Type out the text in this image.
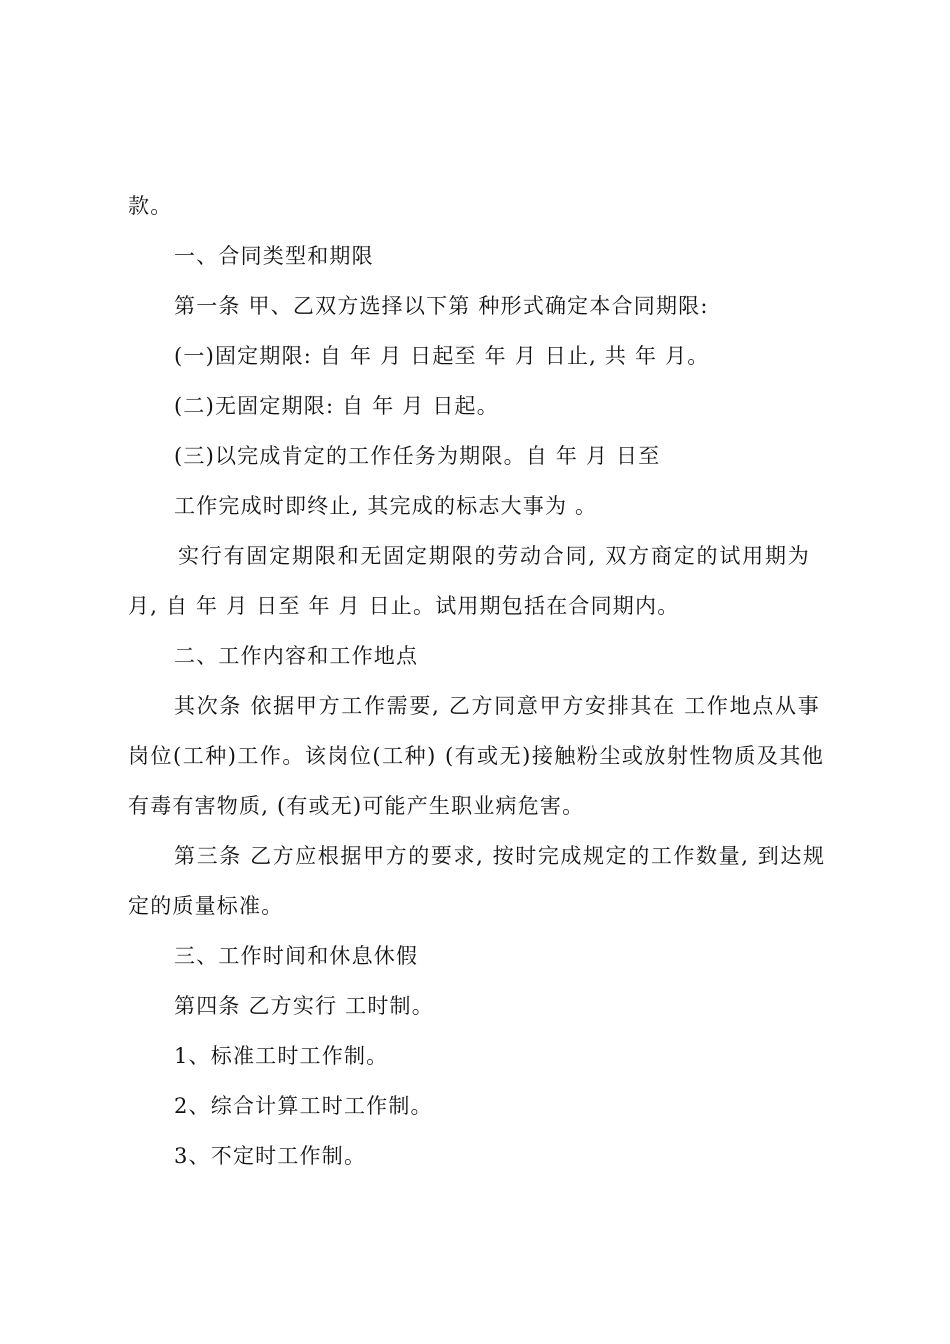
款。
一、合同类型和期限
第一条 甲、乙双方选择以下第 种形式确定本合同期限:
(一)固定期限: 自 年 月 日起至 年 月 日止, 共 年 月。
(二)无固定期限: 自 年 月 日起。
(三)以完成肯定的工作任务为期限。自 年 月 日至
工作完成时即终止, 其完成的标志大事为 。
实行有固定期限和无固定期限的劳动合同, 双方商定的试用期为
月, 自 年 月 日至 年 月 日止。试用期包括在合同期内。
二、工作内容和工作地点
其次条 依据甲方工作需要, 乙方同意甲方安排其在 工作地点从事
岗位(工种)工作。该岗位(工种) (有或无)接触粉尘或放射性物质及其他
有毒有害物质, (有或无)可能产生职业病危害。
第三条 乙方应根据甲方的要求, 按时完成规定的工作数量, 到达规
定的质量标准。
三、工作时间和休息休假
第四条 乙方实行 工时制。
1、标准工时工作制。
2、综合计算工时工作制。
3、不定时工作制。
